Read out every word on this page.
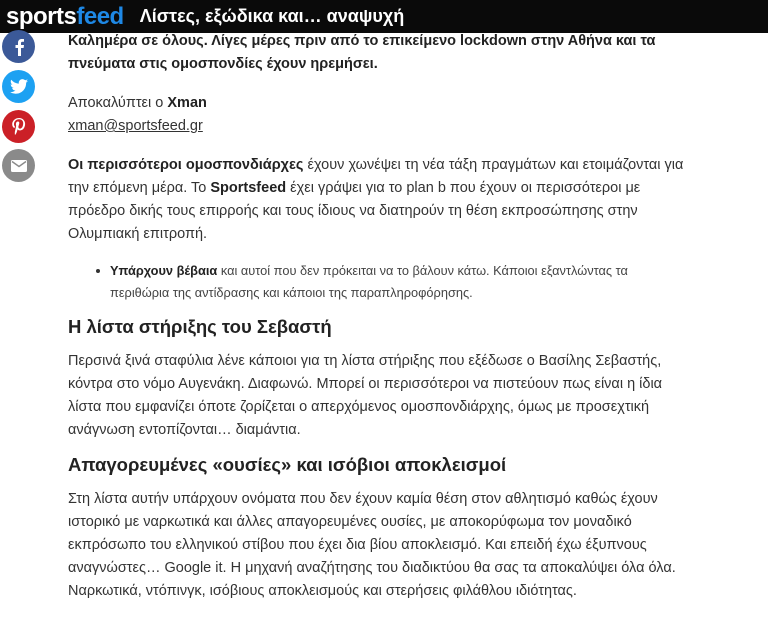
sportsfeed Λίστες, εξώδικα και… αναψυχή

Καλημέρα σε όλους. Λίγες μέρες πριν από το επικείμενο lockdown στην Αθήνα και τα πνεύματα στις ομοσπονδίες έχουν ηρεμήσει.

Αποκαλύπτει ο Xman
xman@sportsfeed.gr

Οι περισσότεροι ομοσπονδιάρχες έχουν χωνέψει τη νέα τάξη πραγμάτων και ετοιμάζονται για την επόμενη μέρα. Το Sportsfeed έχει γράψει για το plan b που έχουν οι περισσότεροι με πρόεδρο δικής τους επιρροής και τους ίδιους να διατηρούν τη θέση εκπροσώπησης στην Ολυμπιακή επιτροπή.

Υπάρχουν βέβαια και αυτοί που δεν πρόκειται να το βάλουν κάτω. Κάποιοι εξαντλώντας τα περιθώρια της αντίδρασης και κάποιοι της παραπληροφόρησης.
Η λίστα στήριξης του Σεβαστή

Περσινά ξινά σταφύλια λένε κάποιοι για τη λίστα στήριξης που εξέδωσε ο Βασίλης Σεβαστής, κόντρα στο νόμο Αυγενάκη. Διαφωνώ. Μπορεί οι περισσότεροι να πιστεύουν πως είναι η ίδια λίστα που εμφανίζει όποτε ζορίζεται ο απερχόμενος ομοσπονδιάρχης, όμως με προσεχτική ανάγνωση εντοπίζονται… διαμάντια.

Απαγορευμένες «ουσίες» και ισόβιοι αποκλεισμοί

Στη λίστα αυτήν υπάρχουν ονόματα που δεν έχουν καμία θέση στον αθλητισμό καθώς έχουν ιστορικό με ναρκωτικά και άλλες απαγορευμένες ουσίες, με αποκορύφωμα τον μοναδικό εκπρόσωπο του ελληνικού στίβου που έχει δια βίου αποκλεισμό. Και επειδή έχω έξυπνους αναγνώστες… Google it. Η μηχανή αναζήτησης του διαδικτύου θα σας τα αποκαλύψει όλα όλα. Ναρκωτικά, ντόπινγκ, ισόβιους αποκλεισμούς και στερήσεις φιλάθλου ιδιότητας.
